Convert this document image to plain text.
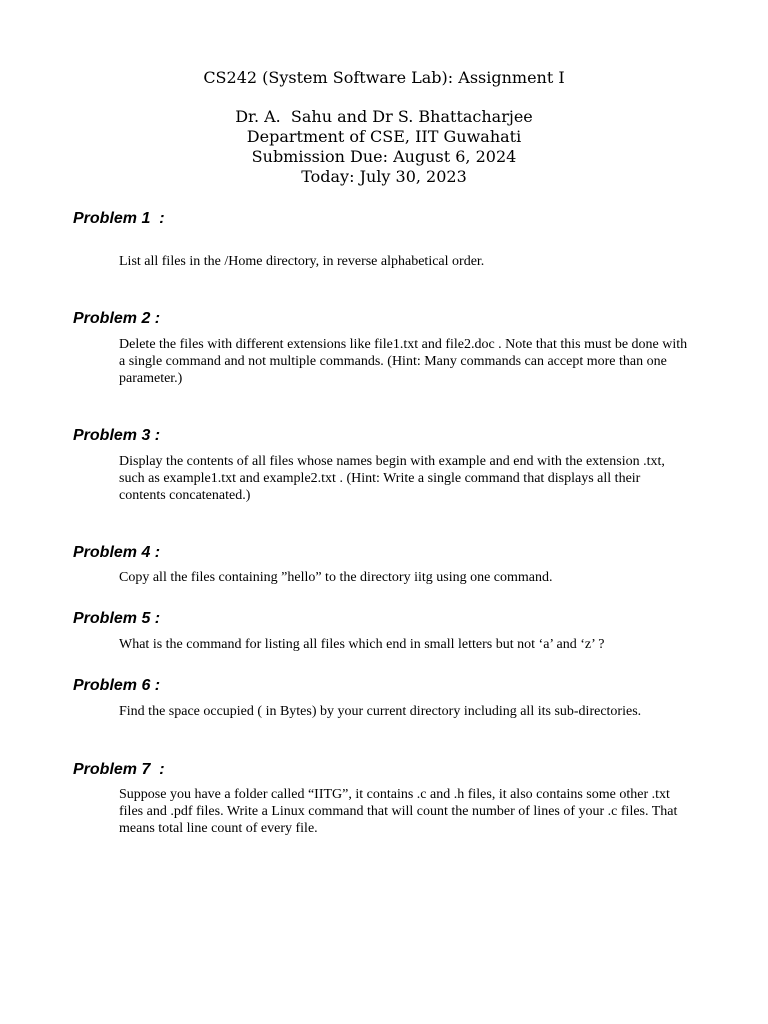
CS242 (System Software Lab): Assignment I
Dr. A.  Sahu and Dr S. Bhattacharjee
Department of CSE, IIT Guwahati
Submission Due: August 6, 2024
Today: July 30, 2023
Problem 1  :
List all files in the /Home directory, in reverse alphabetical order.
Problem 2 :
Delete the files with different extensions like file1.txt and file2.doc . Note that this must be done with a single command and not multiple commands. (Hint: Many commands can accept more than one parameter.)
Problem 3 :
Display the contents of all files whose names begin with example and end with the extension .txt, such as example1.txt and example2.txt . (Hint: Write a single command that displays all their contents concatenated.)
Problem 4 :
Copy all the files containing ”hello” to the directory iitg using one command.
Problem 5 :
What is the command for listing all files which end in small letters but not ‘a’ and ‘z’ ?
Problem 6 :
Find the space occupied ( in Bytes) by your current directory including all its sub-directories.
Problem 7  :
Suppose you have a folder called “IITG”, it contains .c and .h files, it also contains some other .txt files and .pdf files. Write a Linux command that will count the number of lines of your .c files. That means total line count of every file.
